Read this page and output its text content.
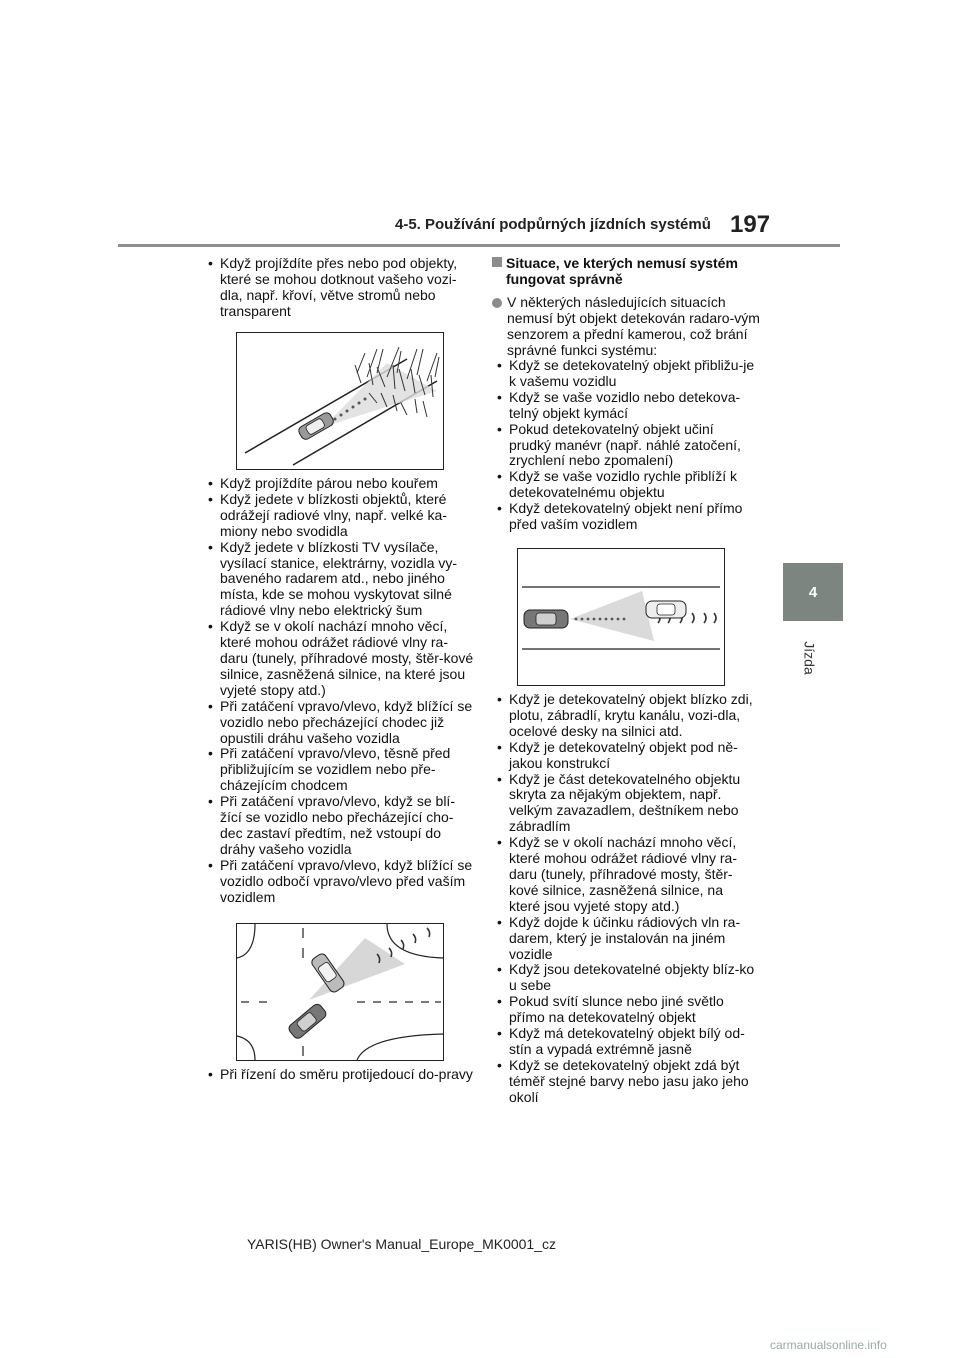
4-5. Používání podpůrných jízdních systémů 197
4
Jízda
• Když projíždíte přes nebo pod objekty, které se mohou dotknout vašeho vozi-dla, např. křoví, větve stromů nebo transparent
• Když projíždíte párou nebo kouřem
• Když jedete v blízkosti objektů, které odrážejí radiové vlny, např. velké ka-miony nebo svodidla
• Když jedete v blízkosti TV vysílače, vysílací stanice, elektrárny, vozidla vy-baveného radarem atd., nebo jiného místa, kde se mohou vyskytovat silné rádiové vlny nebo elektrický šum
• Když se v okolí nachází mnoho věcí, které mohou odrážet rádiové vlny ra-daru (tunely, příhradové mosty, štěr-kové silnice, zasněžená silnice, na které jsou vyjeté stopy atd.)
• Při zatáčení vpravo/vlevo, když blížící se vozidlo nebo přecházející chodec již opustili dráhu vašeho vozidla
• Při zatáčení vpravo/vlevo, těsně před přibližujícím se vozidlem nebo pře-cházejícím chodcem
• Při zatáčení vpravo/vlevo, když se blí-žící se vozidlo nebo přecházející cho-dec zastaví předtím, než vstoupí do dráhy vašeho vozidla
• Při zatáčení vpravo/vlevo, když blížící se vozidlo odbočí vpravo/vlevo před vaším vozidlem
• Při řízení do směru protijedoucí do-pravy
Situace, ve kterých nemusí systém fungovat správně
V některých následujících situacích nemusí být objekt detekován radaro-vým senzorem a přední kamerou, což brání správné funkci systému:
• Když se detekovatelný objekt přibližu-je k vašemu vozidlu
• Když se vaše vozidlo nebo detekova-telný objekt kymácí
• Pokud detekovatelný objekt učiní prudký manévr (např. náhlé zatočení, zrychlení nebo zpomalení)
• Když se vaše vozidlo rychle přiblíží k detekovatelnému objektu
• Když detekovatelný objekt není přímo před vaším vozidlem
• Když je detekovatelný objekt blízko zdi, plotu, zábradlí, krytu kanálu, vozi-dla, ocelové desky na silnici atd.
• Když je detekovatelný objekt pod ně-jakou konstrukcí
• Když je část detekovatelného objektu skryta za nějakým objektem, např. velkým zavazadlem, deštníkem nebo zábradlím
• Když se v okolí nachází mnoho věcí, které mohou odrážet rádiové vlny ra-daru (tunely, příhradové mosty, štěr-kové silnice, zasněžená silnice, na které jsou vyjeté stopy atd.)
• Když dojde k účinku rádiových vln ra-darem, který je instalován na jiném vozidle
• Když jsou detekovatelné objekty blíz-ko u sebe
• Pokud svítí slunce nebo jiné světlo přímo na detekovatelný objekt
• Když má detekovatelný objekt bílý od-stín a vypadá extrémně jasně
• Když se detekovatelný objekt zdá být téměř stejné barvy nebo jasu jako jeho okolí
YARIS(HB) Owner's Manual_Europe_MK0001_cz
carmanualsonline.info
